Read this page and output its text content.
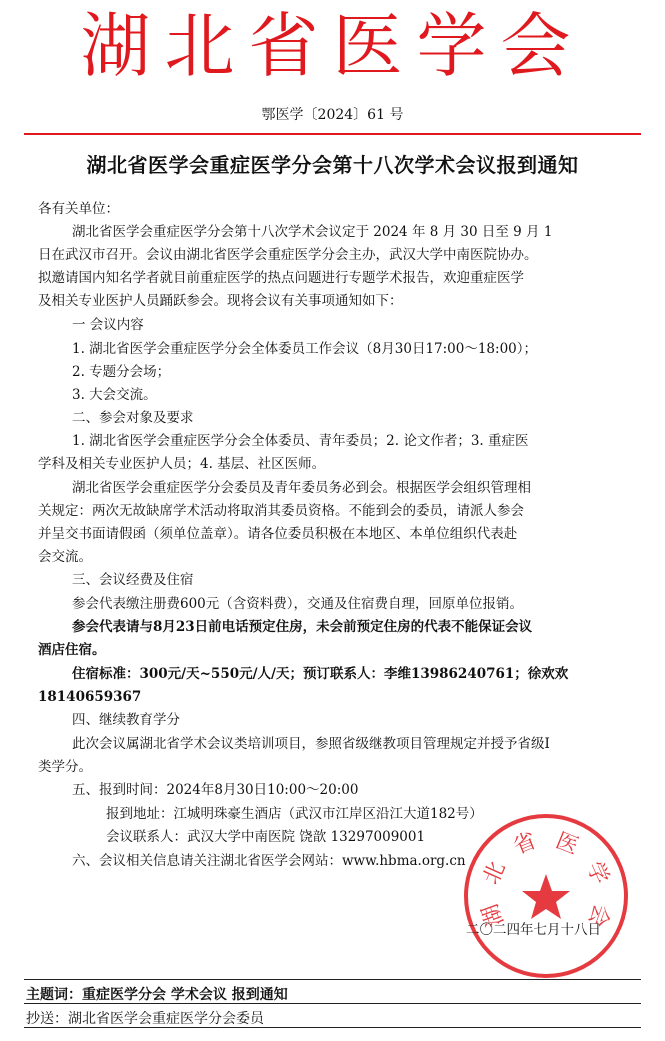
湖北省医学会
鄂医学〔2024〕61 号
湖北省医学会重症医学分会第十八次学术会议报到通知
各有关单位：
湖北省医学会重症医学分会第十八次学术会议定于 2024 年 8 月 30 日至 9 月 1
日在武汉市召开。会议由湖北省医学会重症医学分会主办，武汉大学中南医院协办。
拟邀请国内知名学者就目前重症医学的热点问题进行专题学术报告，欢迎重症医学
及相关专业医护人员踊跃参会。现将会议有关事项通知如下：
一 会议内容
1. 湖北省医学会重症医学分会全体委员工作会议（8月30日17:00～18:00）；
2. 专题分会场；
3. 大会交流。
二、参会对象及要求
1. 湖北省医学会重症医学分会全体委员、青年委员；2. 论文作者；3. 重症医
学科及相关专业医护人员；4. 基层、社区医师。
湖北省医学会重症医学分会委员及青年委员务必到会。根据医学会组织管理相
关规定：两次无故缺席学术活动将取消其委员资格。不能到会的委员，请派人参会
并呈交书面请假函（须单位盖章）。请各位委员积极在本地区、本单位组织代表赴
会交流。
三、会议经费及住宿
参会代表缴注册费600元（含资料费），交通及住宿费自理，回原单位报销。
参会代表请与8月23日前电话预定住房，未会前预定住房的代表不能保证会议
酒店住宿。
住宿标准：300元/天~550元/人/天；预订联系人：李维13986240761；徐欢欢
18140659367
四、继续教育学分
此次会议属湖北省学术会议类培训项目，参照省级继教项目管理规定并授予省级I
类学分。
五、报到时间：2024年8月30日10:00～20:00
报到地址：江城明珠豪生酒店（武汉市江岸区沿江大道182号）
会议联系人：武汉大学中南医院 饶歆 13297009001
六、会议相关信息请关注湖北省医学会网站：www.hbma.org.cn
湖
北
省 医
学
会
二〇二四年七月十八日
主题词：重症医学分会 学术会议 报到通知
抄送：湖北省医学会重症医学分会委员
